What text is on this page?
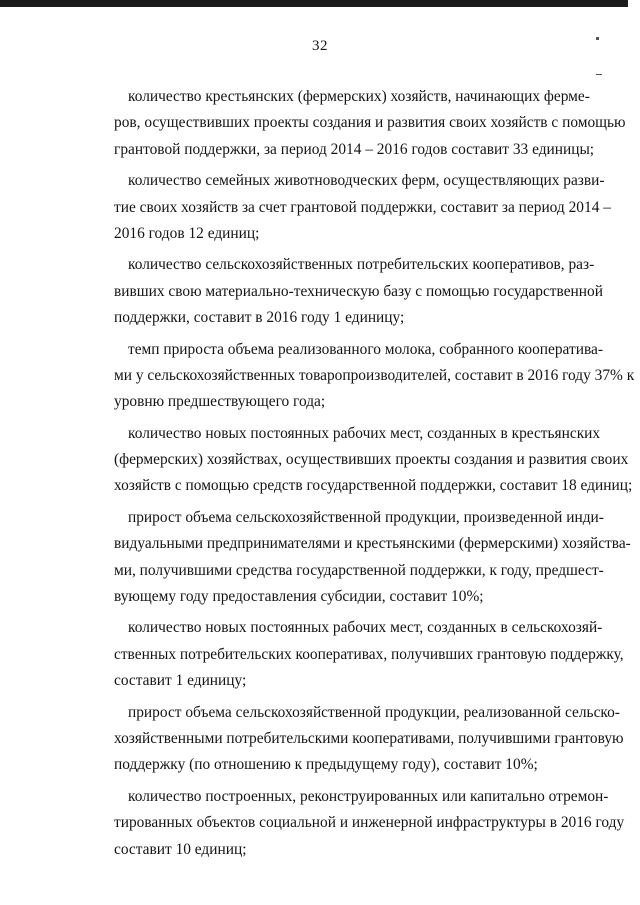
32
количество крестьянских (фермерских) хозяйств, начинающих ферме-
ров, осуществивших проекты создания и развития своих хозяйств с помощью
грантовой поддержки, за период 2014 – 2016 годов составит 33 единицы;
количество семейных животноводческих ферм, осуществляющих разви-
тие своих хозяйств за счет грантовой поддержки, составит за период 2014 –
2016 годов 12 единиц;
количество сельскохозяйственных потребительских кооперативов, раз-
вивших свою материально-техническую базу с помощью государственной
поддержки, составит в 2016 году 1 единицу;
темп прироста объема реализованного молока, собранного кооператива-
ми у сельскохозяйственных товаропроизводителей, составит в 2016 году 37% к
уровню предшествующего года;
количество новых постоянных рабочих мест, созданных в крестьянских
(фермерских) хозяйствах, осуществивших проекты создания и развития своих
хозяйств с помощью средств государственной поддержки, составит 18 единиц;
прирост объема сельскохозяйственной продукции, произведенной инди-
видуальными предпринимателями и крестьянскими (фермерскими) хозяйства-
ми, получившими средства государственной поддержки, к году, предшест-
вующему году предоставления субсидии, составит 10%;
количество новых постоянных рабочих мест, созданных в сельскохозяй-
ственных потребительских кооперативах, получивших грантовую поддержку,
составит 1 единицу;
прирост объема сельскохозяйственной продукции, реализованной сельско-
хозяйственными потребительскими кооперативами, получившими грантовую
поддержку (по отношению к предыдущему году), составит 10%;
количество построенных, реконструированных или капитально отремон-
тированных объектов социальной и инженерной инфраструктуры в 2016 году
составит 10 единиц;
